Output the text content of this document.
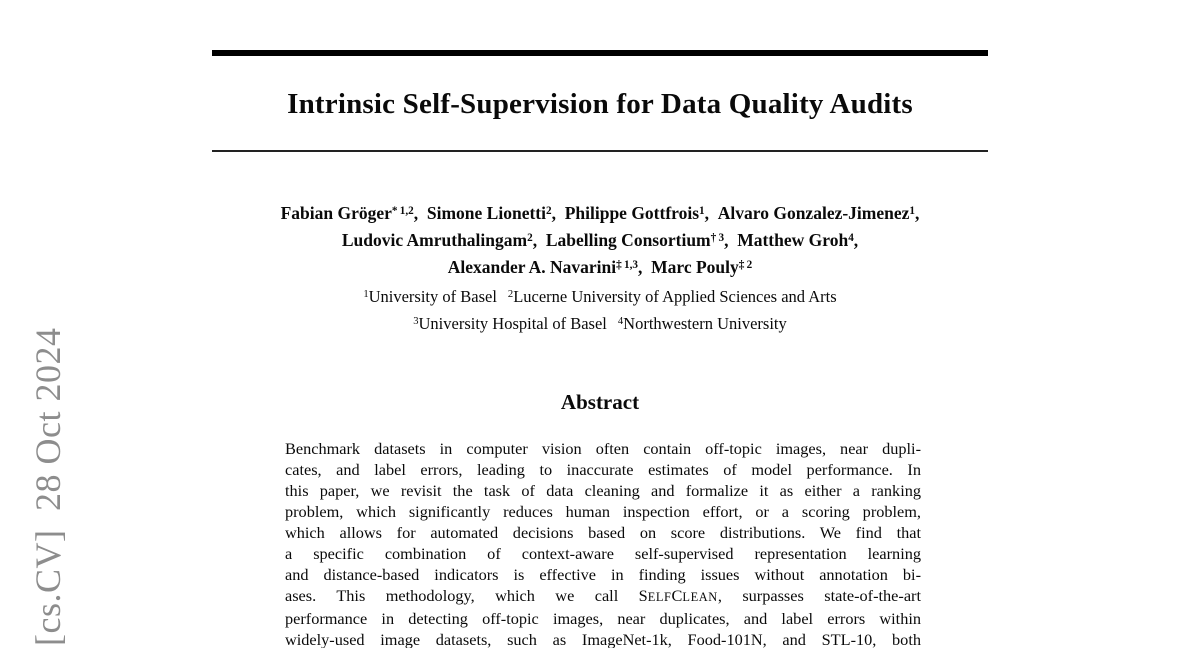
[cs.CV] 28 Oct 2024
Intrinsic Self-Supervision for Data Quality Audits
Fabian Gröger$^{* 1,2}$, Simone Lionetti$^2$, Philippe Gottfrois$^1$, Alvaro Gonzalez-Jimenez$^1$,
Ludovic Amruthalingam$^2$, Labelling Consortium$^{\dagger 3}$, Matthew Groh$^4$,
Alexander A. Navarini$^{\ddagger 1,3}$, Marc Pouly$^{\ddagger 2}$
$^1$University of Basel $^2$Lucerne University of Applied Sciences and Arts
$^3$University Hospital of Basel $^4$Northwestern University
Abstract
Benchmark datasets in computer vision often contain off-topic images, near dupli-
cates, and label errors, leading to inaccurate estimates of model performance. In
this paper, we revisit the task of data cleaning and formalize it as either a ranking
problem, which significantly reduces human inspection effort, or a scoring problem,
which allows for automated decisions based on score distributions. We find that
a specific combination of context-aware self-supervised representation learning
and distance-based indicators is effective in finding issues without annotation bi-
ases. This methodology, which we call SELFCLEAN, surpasses state-of-the-art
performance in detecting off-topic images, near duplicates, and label errors within
widely-used image datasets, such as ImageNet-1k, Food-101N, and STL-10, both
